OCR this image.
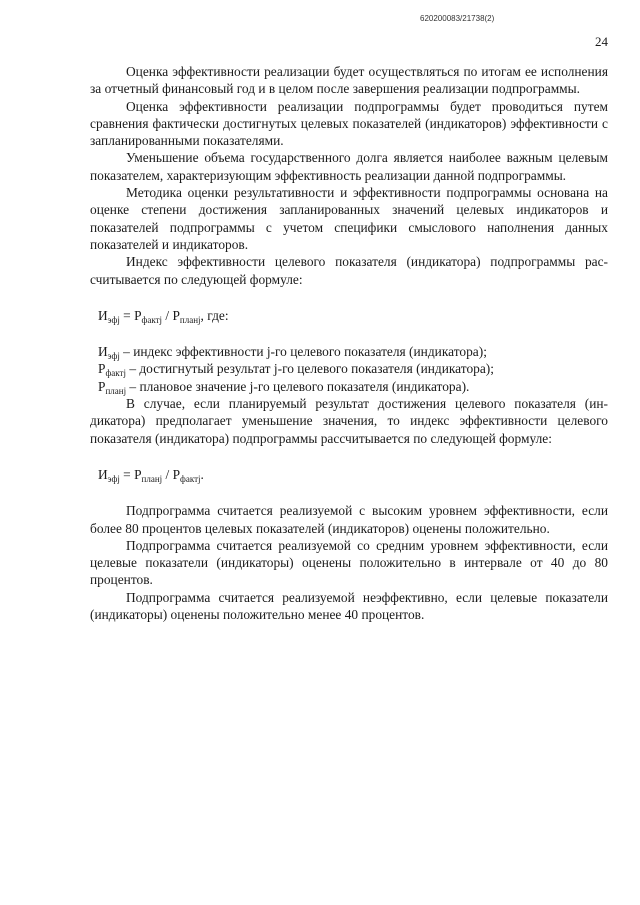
620200083/21738(2)
24

Оценка эффективности реализации будет осуществляться по итогам ее исполнения за отчетный финансовый год и в целом после завершения реализации подпрограммы.

Оценка эффективности реализации подпрограммы будет проводиться путем сравнения фактически достигнутых целевых показателей (индикаторов) эффективности с запланированными показателями.

Уменьшение объема государственного долга является наиболее важным целевым показателем, характеризующим эффективность реализации данной подпрограммы.

Методика оценки результативности и эффективности подпрограммы основана на оценке степени достижения запланированных значений целевых индикаторов и показателей подпрограммы с учетом специфики смыслового наполнения данных показателей и индикаторов.

Индекс эффективности целевого показателя (индикатора) подпрограммы рассчитывается по следующей формуле:

$И_{эфj} = Р_{фактj} / Р_{планj}$, где:

$И_{эфj}$ – индекс эффективности j-го целевого показателя (индикатора);

$Р_{фактj}$ – достигнутый результат j-го целевого показателя (индикатора);

$Р_{планj}$ – плановое значение j-го целевого показателя (индикатора).

В случае, если планируемый результат достижения целевого показателя (индикатора) предполагает уменьшение значения, то индекс эффективности целевого показателя (индикатора) подпрограммы рассчитывается по следующей формуле:

$И_{эфj} = Р_{планj} / Р_{фактj}$.

Подпрограмма считается реализуемой с высоким уровнем эффективности, если более 80 процентов целевых показателей (индикаторов) оценены положительно.

Подпрограмма считается реализуемой со средним уровнем эффективности, если целевые показатели (индикаторы) оценены положительно в интервале от 40 до 80 процентов.

Подпрограмма считается реализуемой неэффективно, если целевые показатели (индикаторы) оценены положительно менее 40 процентов.
